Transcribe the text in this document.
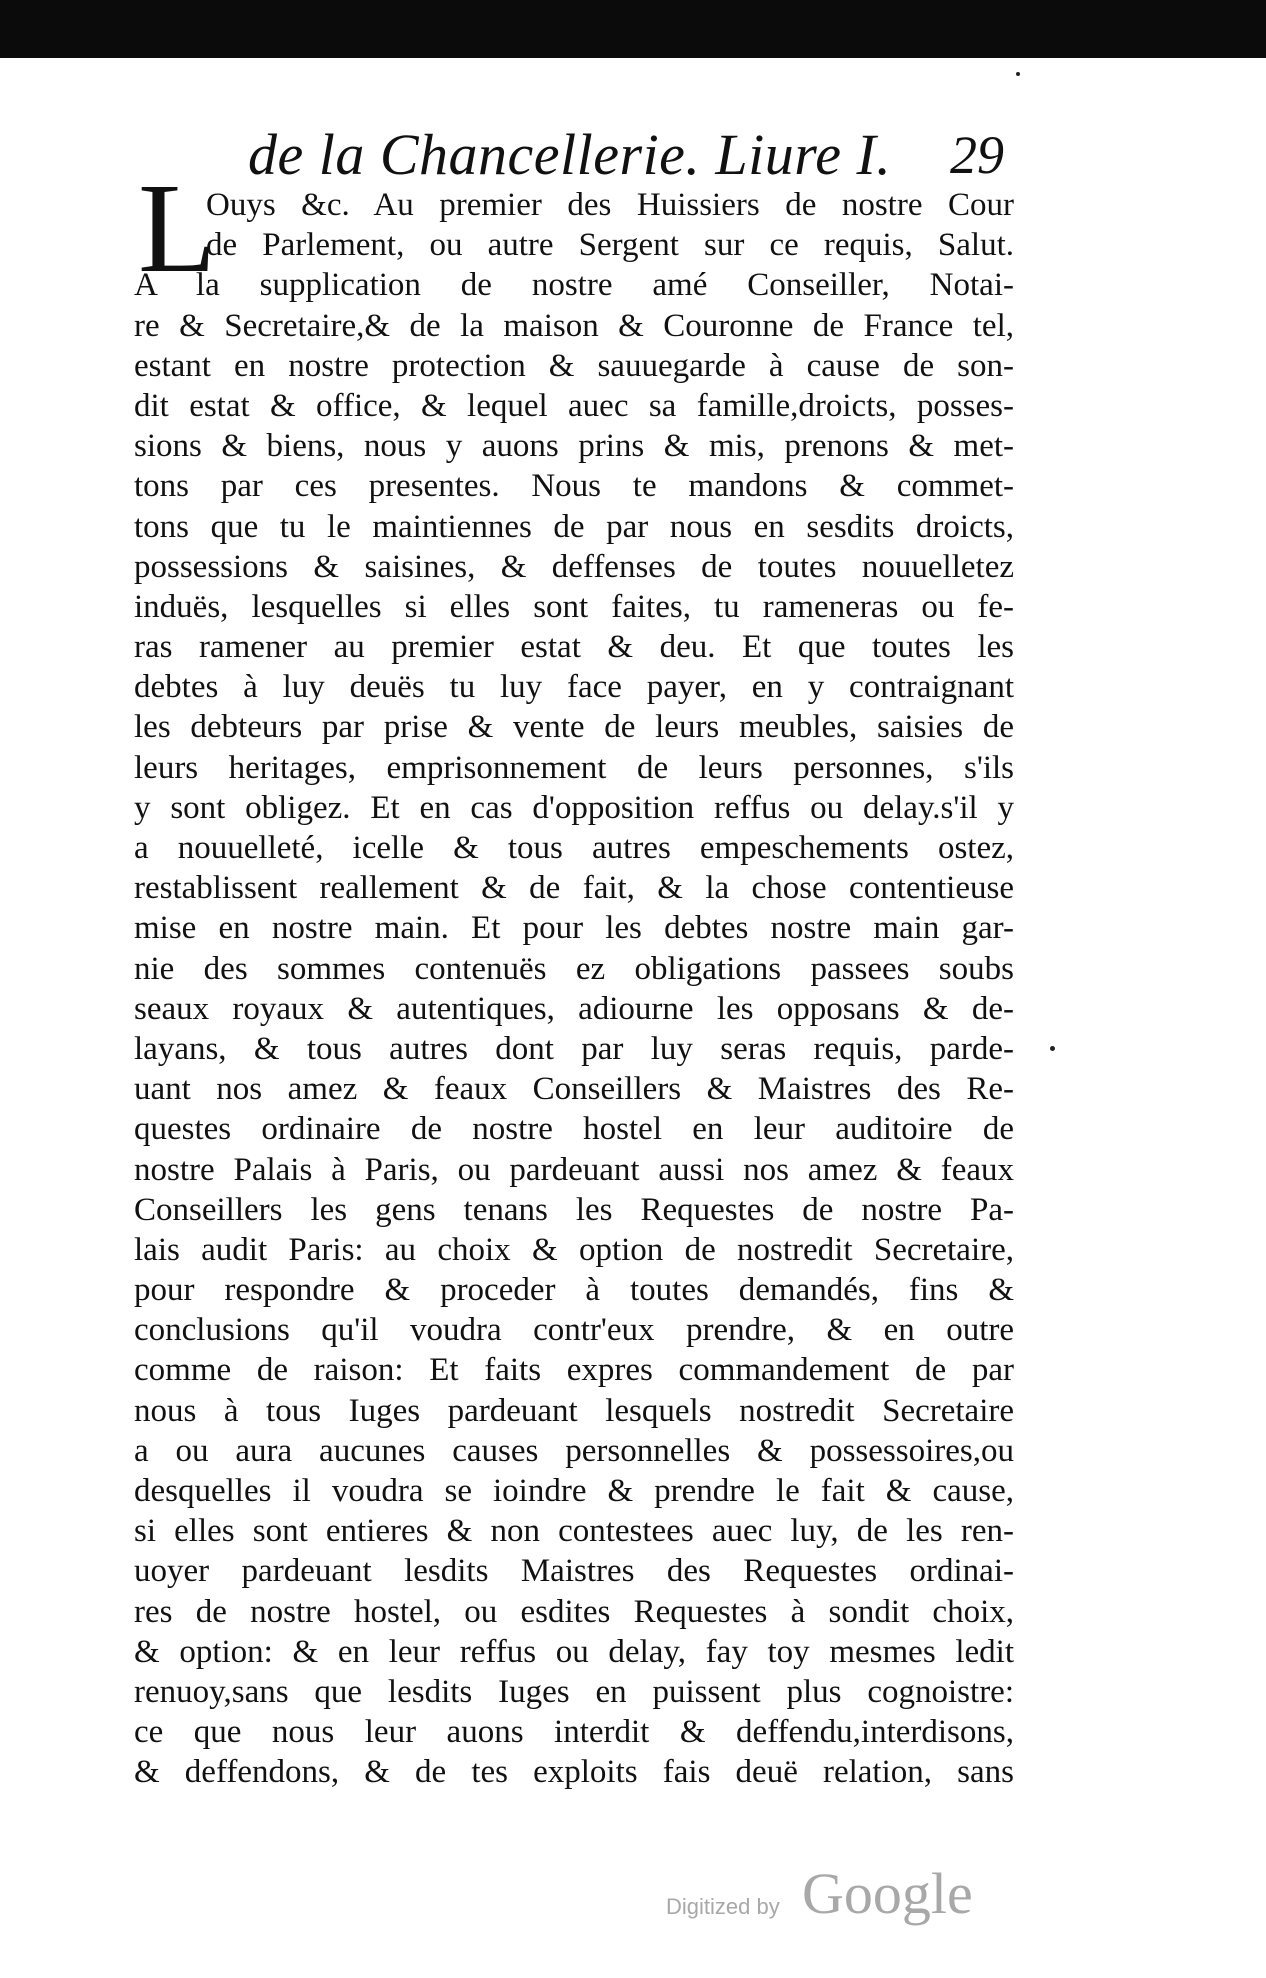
de la Chancellerie. Liure I. 29
L
Ouys &c. Au premier des Huissiers de nostre Cour
de Parlement, ou autre Sergent sur ce requis, Salut.
A la supplication de nostre amé Conseiller, Notai-
re & Secretaire,& de la maison & Couronne de France tel,
estant en nostre protection & sauuegarde à cause de son-
dit estat & office, & lequel auec sa famille,droicts, posses-
sions & biens, nous y auons prins & mis, prenons & met-
tons par ces presentes. Nous te mandons & commet-
tons que tu le maintiennes de par nous en sesdits droicts,
possessions & saisines, & deffenses de toutes nouuelletez
induës, lesquelles si elles sont faites, tu rameneras ou fe-
ras ramener au premier estat & deu. Et que toutes les
debtes à luy deuës tu luy face payer, en y contraignant
les debteurs par prise & vente de leurs meubles, saisies de
leurs heritages, emprisonnement de leurs personnes, s'ils
y sont obligez. Et en cas d'opposition reffus ou delay.s'il y
a nouuelleté, icelle & tous autres empeschements ostez,
restablissent reallement & de fait, & la chose contentieuse
mise en nostre main. Et pour les debtes nostre main gar-
nie des sommes contenuës ez obligations passees soubs
seaux royaux & autentiques, adiourne les opposans & de-
layans, & tous autres dont par luy seras requis, parde-
uant nos amez & feaux Conseillers & Maistres des Re-
questes ordinaire de nostre hostel en leur auditoire de
nostre Palais à Paris, ou pardeuant aussi nos amez & feaux
Conseillers les gens tenans les Requestes de nostre Pa-
lais audit Paris: au choix & option de nostredit Secretaire,
pour respondre & proceder à toutes demandés, fins &
conclusions qu'il voudra contr'eux prendre, & en outre
comme de raison: Et faits expres commandement de par
nous à tous Iuges pardeuant lesquels nostredit Secretaire
a ou aura aucunes causes personnelles & possessoires,ou
desquelles il voudra se ioindre & prendre le fait & cause,
si elles sont entieres & non contestees auec luy, de les ren-
uoyer pardeuant lesdits Maistres des Requestes ordinai-
res de nostre hostel, ou esdites Requestes à sondit choix,
& option: & en leur reffus ou delay, fay toy mesmes ledit
renuoy,sans que lesdits Iuges en puissent plus cognoistre:
ce que nous leur auons interdit & deffendu,interdisons,
& deffendons, & de tes exploits fais deuë relation, sans
Digitized by Google
